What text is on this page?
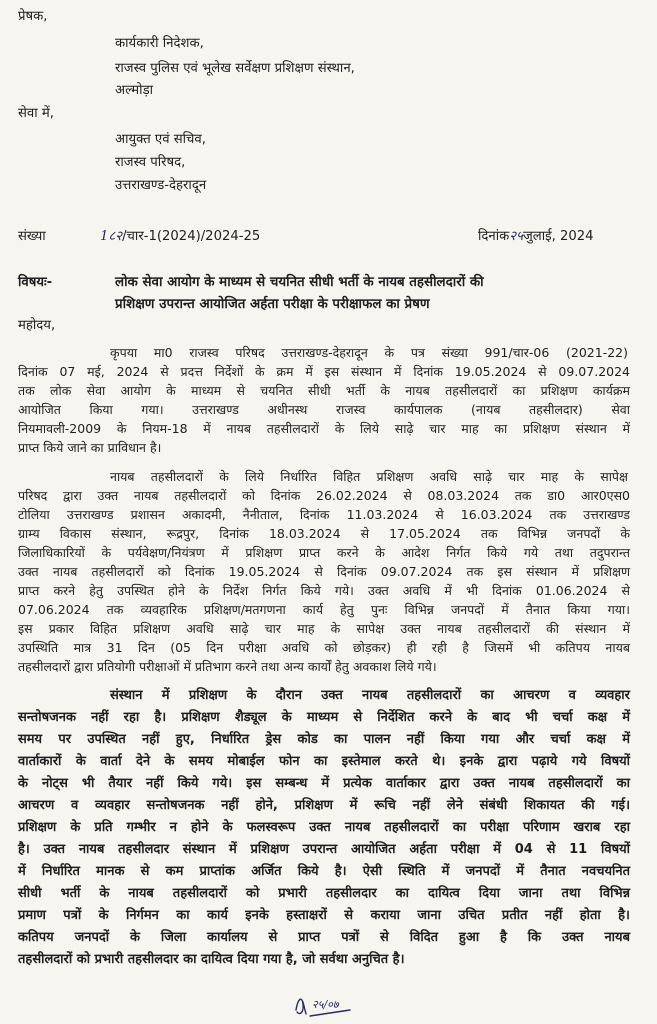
प्रेषक,
कार्यकारी निदेशक,
राजस्व पुलिस एवं भूलेख सर्वेक्षण प्रशिक्षण संस्थान,
अल्मोड़ा
सेवा में,
आयुक्त एवं सचिव,
राजस्व परिषद,
उत्तराखण्ड-देहरादून
संख्या	1८२/चार-1(2024)/2024-25	दिनांक२५जुलाई, 2024
विषयः-	लोक सेवा आयोग के माध्यम से चयनित सीधी भर्ती के नायब तहसीलदारों की
प्रशिक्षण उपरान्त आयोजित अर्हता परीक्षा के परीक्षाफल का प्रेषण
महोदय,
कृपया मा0 राजस्व परिषद उत्तराखण्ड-देहरादून के पत्र संख्या 991/चार-06 (2021-22)
दिनांक 07 मई, 2024 से प्रदत्त निर्देशों के क्रम में इस संस्थान में दिनांक 19.05.2024 से 09.07.2024
तक लोक सेवा आयोग के माध्यम से चयनित सीधी भर्ती के नायब तहसीलदारों का प्रशिक्षण कार्यक्रम
आयोजित किया गया। उत्तराखण्ड अधीनस्थ राजस्व कार्यपालक (नायब तहसीलदार) सेवा
नियमावली-2009 के नियम-18 में नायब तहसीलदारों के लिये साढ़े चार माह का प्रशिक्षण संस्थान में
प्राप्त किये जाने का प्राविधान है।
नायब तहसीलदारों के लिये निर्धारित विहित प्रशिक्षण अवधि साढ़े चार माह के सापेक्ष
परिषद द्वारा उक्त नायब तहसीलदारों को दिनांक 26.02.2024 से 08.03.2024 तक डा0 आर0एस0
टोलिया उत्तराखण्ड प्रशासन अकादमी, नैनीताल, दिनांक 11.03.2024 से 16.03.2024 तक उत्तराखण्ड
ग्राम्य विकास संस्थान, रूद्रपुर, दिनांक 18.03.2024 से 17.05.2024 तक विभिन्न जनपदों के
जिलाधिकारियों के पर्यवेक्षण/नियंत्रण में प्रशिक्षण प्राप्त करने के आदेश निर्गत किये गये तथा तदुपरान्त
उक्त नायब तहसीलदारों को दिनांक 19.05.2024 से दिनांक 09.07.2024 तक इस संस्थान में प्रशिक्षण
प्राप्त करने हेतु उपस्थित होने के निर्देश निर्गत किये गये। उक्त अवधि में भी दिनांक 01.06.2024 से
07.06.2024 तक व्यवहारिक प्रशिक्षण/मतगणना कार्य हेतु पुनः विभिन्न जनपदों में तैनात किया गया।
इस प्रकार विहित प्रशिक्षण अवधि साढ़े चार माह के सापेक्ष उक्त नायब तहसीलदारों की संस्थान में
उपस्थिति मात्र 31 दिन (05 दिन परीक्षा अवधि को छोड़कर) ही रही है जिसमें भी कतिपय नायब
तहसीलदारों द्वारा प्रतियोगी परीक्षाओं में प्रतिभाग करने तथा अन्य कार्यों हेतु अवकाश लिये गये।
संस्थान में प्रशिक्षण के दौरान उक्त नायब तहसीलदारों का आचरण व व्यवहार
सन्तोषजनक नहीं रहा है। प्रशिक्षण शैड्यूल के माध्यम से निर्देशित करने के बाद भी चर्चा कक्ष में
समय पर उपस्थित नहीं हुए, निर्धारित ड्रेस कोड का पालन नहीं किया गया और चर्चा कक्ष में
वार्ताकारों के वार्ता देने के समय मोबाईल फोन का इस्तेमाल करते थे। इनके द्वारा पढ़ाये गये विषयों
के नोट्स भी तैयार नहीं किये गये। इस सम्बन्ध में प्रत्येक वार्ताकार द्वारा उक्त नायब तहसीलदारों का
आचरण व व्यवहार सन्तोषजनक नहीं होने, प्रशिक्षण में रूचि नहीं लेने संबंधी शिकायत की गई।
प्रशिक्षण के प्रति गम्भीर न होने के फलस्वरूप उक्त नायब तहसीलदारों का परीक्षा परिणाम खराब रहा
है। उक्त नायब तहसीलदार संस्थान में प्रशिक्षण उपरान्त आयोजित अर्हता परीक्षा में 04 से 11 विषयों
में निर्धारित मानक से कम प्राप्तांक अर्जित किये है। ऐसी स्थिति में जनपदों में तैनात नवचयनित
सीधी भर्ती के नायब तहसीलदारों को प्रभारी तहसीलदार का दायित्व दिया जाना तथा विभिन्न
प्रमाण पत्रों के निर्गमन का कार्य इनके हस्ताक्षरों से कराया जाना उचित प्रतीत नहीं होता है।
कतिपय जनपदों के जिला कार्यालय से प्राप्त पत्रों से विदित हुआ है कि उक्त नायब
तहसीलदारों को प्रभारी तहसीलदार का दायित्व दिया गया है, जो सर्वथा अनुचित है।
२५/०७
